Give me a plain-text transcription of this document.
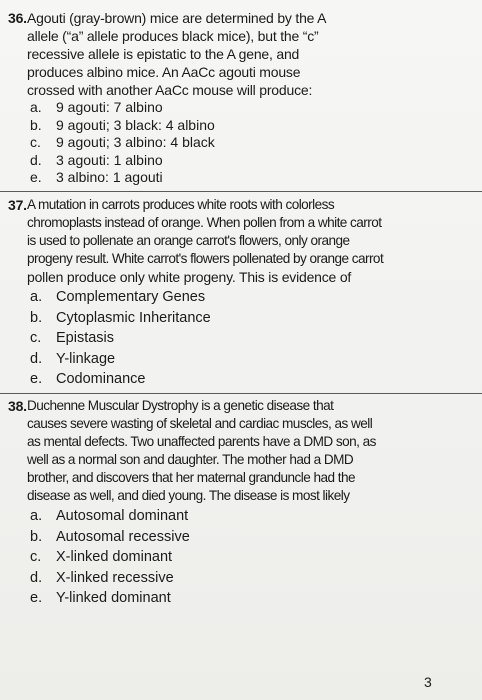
36. Agouti (gray-brown) mice are determined by the A
allele (“a” allele produces black mice), but the “c”
recessive allele is epistatic to the A gene, and
produces albino mice. An AaCc agouti mouse
crossed with another AaCc mouse will produce:
a.	9 agouti: 7 albino
b.	9 agouti; 3 black: 4 albino
c.	9 agouti; 3 albino: 4 black
d.	3 agouti: 1 albino
e.	3 albino: 1 agouti
37. A mutation in carrots produces white roots with colorless
chromoplasts instead of orange. When pollen from a white carrot
is used to pollenate an orange carrot's flowers, only orange
progeny result. White carrot's flowers pollenated by orange carrot
pollen produce only white progeny. This is evidence of
a. Complementary Genes
b. Cytoplasmic Inheritance
c.	Epistasis
d. Y-linkage
e. Codominance
38. Duchenne Muscular Dystrophy is a genetic disease that
causes severe wasting of skeletal and cardiac muscles, as well
as mental defects. Two unaffected parents have a DMD son, as
well as a normal son and daughter. The mother had a DMD
brother, and discovers that her maternal granduncle had the
disease as well, and died young. The disease is most likely
a. Autosomal dominant
b. Autosomal recessive
c.	X-linked dominant
d. X-linked recessive
e. Y-linked dominant
3
